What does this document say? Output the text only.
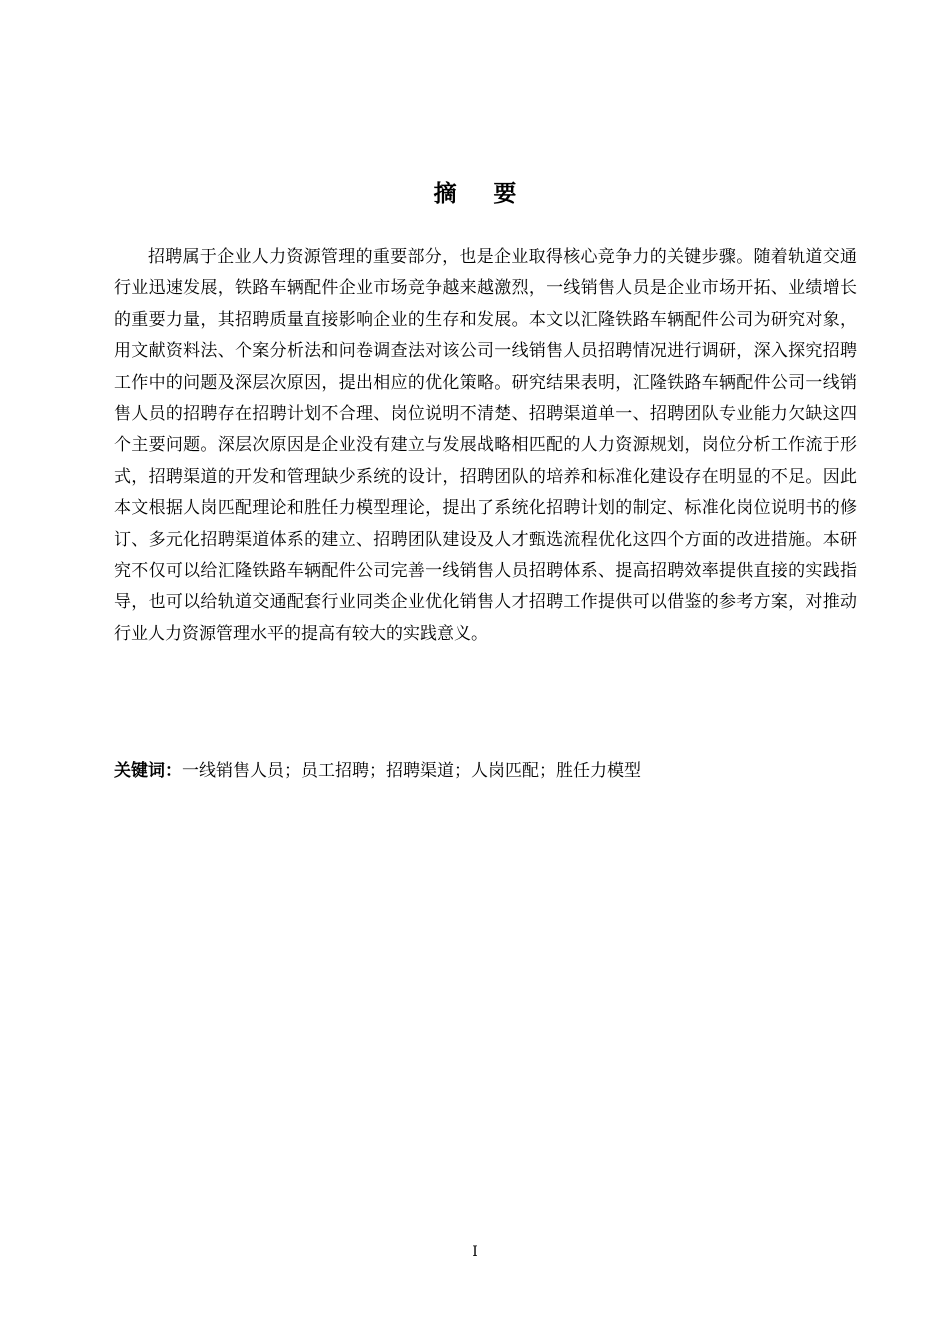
摘要

招聘属于企业人力资源管理的重要部分，也是企业取得核心竞争力的关键步骤。随着轨道交通行业迅速发展，铁路车辆配件企业市场竞争越来越激烈，一线销售人员是企业市场开拓、业绩增长的重要力量，其招聘质量直接影响企业的生存和发展。本文以汇隆铁路车辆配件公司为研究对象，用文献资料法、个案分析法和问卷调查法对该公司一线销售人员招聘情况进行调研，深入探究招聘工作中的问题及深层次原因，提出相应的优化策略。研究结果表明，汇隆铁路车辆配件公司一线销售人员的招聘存在招聘计划不合理、岗位说明不清楚、招聘渠道单一、招聘团队专业能力欠缺这四个主要问题。深层次原因是企业没有建立与发展战略相匹配的人力资源规划，岗位分析工作流于形式，招聘渠道的开发和管理缺少系统的设计，招聘团队的培养和标准化建设存在明显的不足。因此本文根据人岗匹配理论和胜任力模型理论，提出了系统化招聘计划的制定、标准化岗位说明书的修订、多元化招聘渠道体系的建立、招聘团队建设及人才甄选流程优化这四个方面的改进措施。本研究不仅可以给汇隆铁路车辆配件公司完善一线销售人员招聘体系、提高招聘效率提供直接的实践指导，也可以给轨道交通配套行业同类企业优化销售人才招聘工作提供可以借鉴的参考方案，对推动行业人力资源管理水平的提高有较大的实践意义。

关键词：一线销售人员；员工招聘；招聘渠道；人岗匹配；胜任力模型

I
